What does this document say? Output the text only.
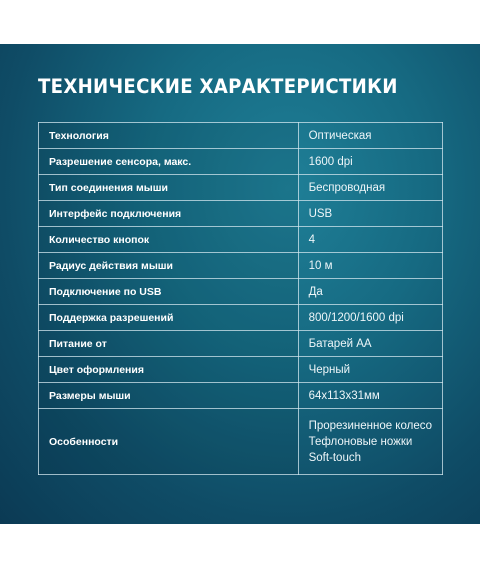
ТЕХНИЧЕСКИЕ ХАРАКТЕРИСТИКИ
Технология	Оптическая
Разрешение сенсора, макс.	1600 dpi
Тип соединения мыши	Беспроводная
Интерфейс подключения	USB
Количество кнопок	4
Радиус действия мыши	10 м
Подключение по USB	Да
Поддержка разрешений	800/1200/1600 dpi
Питание от	Батарей AA
Цвет оформления	Черный
Размеры мыши	64x113x31мм
Особенности	Прорезиненное колесо
Тефлоновые ножки
Soft-touch
